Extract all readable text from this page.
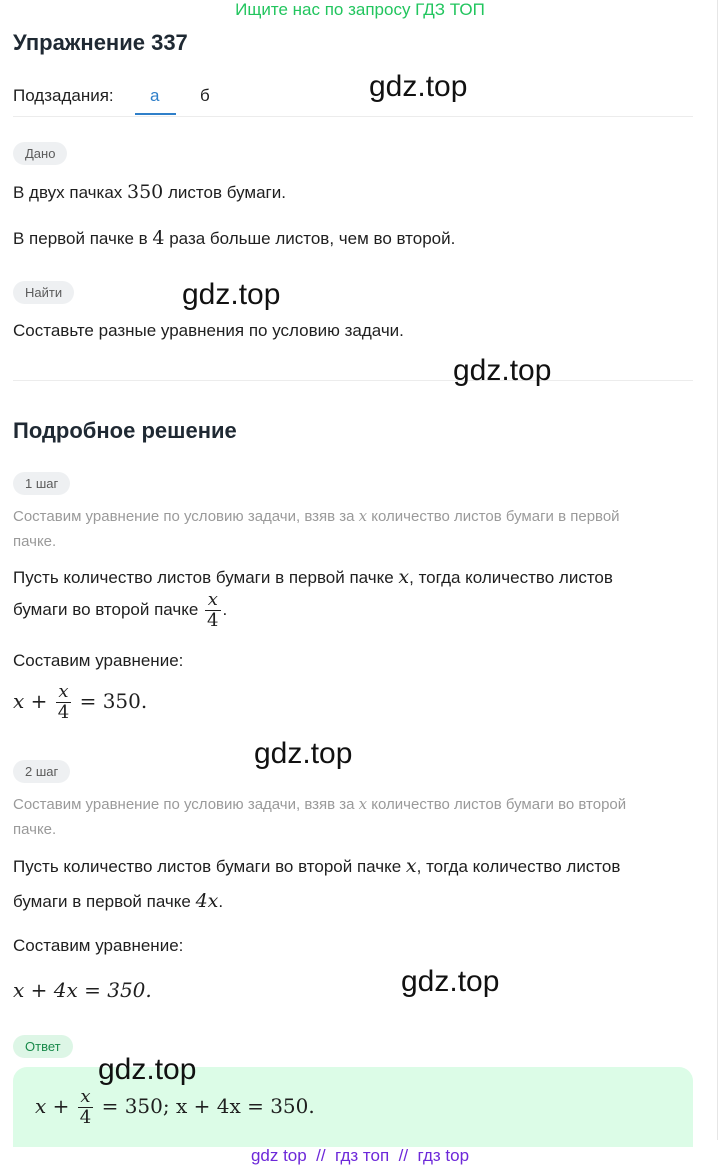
Ищите нас по запросу ГДЗ ТОП
Упражнение 337
Подзадания: а б
Дано
В двух пачках 350 листов бумаги.
В первой пачке в 4 раза больше листов, чем во второй.
Найти
Составьте разные уравнения по условию задачи.
Подробное решение
1 шаг
Составим уравнение по условию задачи, взяв за x количество листов бумаги в первой
пачке.
Пусть количество листов бумаги в первой пачке x, тогда количество листов
бумаги во второй пачке $\frac{x}{4}$ .
Составим уравнение:
$x + \frac{x}{4} = 350$.
2 шаг
Составим уравнение по условию задачи, взяв за x количество листов бумаги во второй
пачке.
Пусть количество листов бумаги во второй пачке x, тогда количество листов
бумаги в первой пачке 4x.
Составим уравнение:
x + 4x = 350.
Ответ
$x + \frac{x}{4} = 350$; x + 4x = 350.
gdz.top
gdz.top
gdz.top
gdz.top
gdz.top
gdz.top
gdz top  //  гдз топ  //  гдз top
